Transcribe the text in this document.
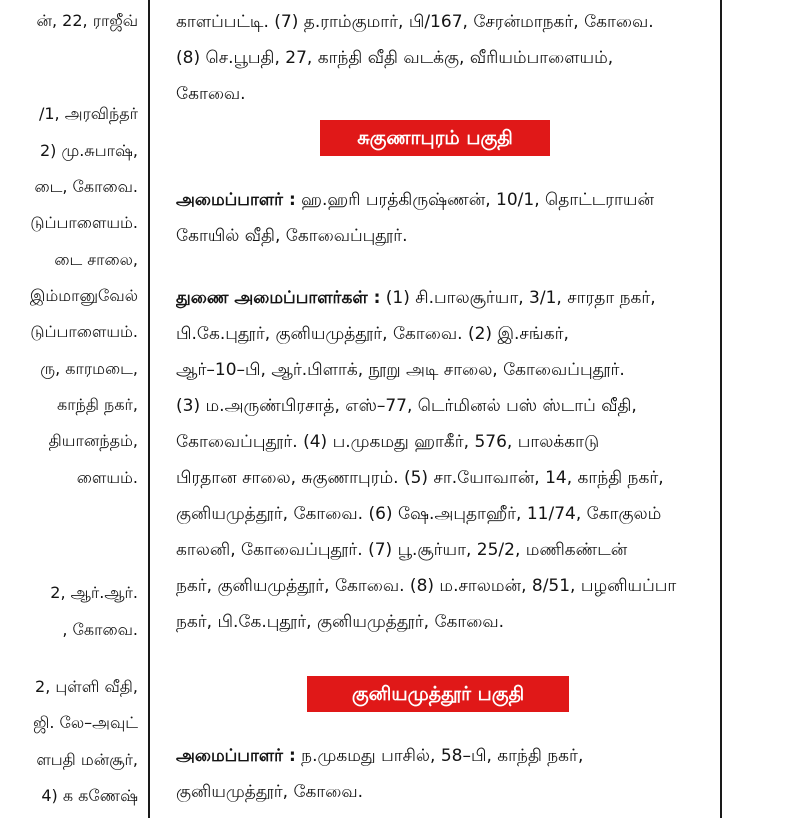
ன், 22, ராஜீவ்
/1, அரவிந்தர்
2) மு.சுபாஷ்,
டை, கோவை.
டுப்பாளையம்.
டை சாலை,
இம்மானுவேல்
டுப்பாளையம்.
ரு, காரமடை,
காந்தி நகர்,
தியானந்தம்,
ளையம்.
2, ஆர்.ஆர்.
, கோவை.
2, புள்ளி வீதி,
ஜி. லே–அவுட்
ளபதி மன்சூர்,
4) க கணேஷ்
காளப்பட்டி. (7) த.ராம்குமார், பி/167, சேரன்மாநகர், கோவை.
(8) செ.பூபதி, 27, காந்தி வீதி வடக்கு, வீரியம்பாளையம்,
கோவை.
சுகுணாபுரம் பகுதி
அமைப்பாளர் : ஹ.ஹரி பரத்கிருஷ்ணன், 10/1, தொட்டராயன்
கோயில் வீதி, கோவைப்புதூர்.
துணை அமைப்பாளர்கள் : (1) சி.பாலசூர்யா, 3/1, சாரதா நகர்,
பி.கே.புதூர், குனியமுத்தூர், கோவை. (2) இ.சங்கர்,
ஆர்–10–பி, ஆர்.பிளாக், நூறு அடி சாலை, கோவைப்புதூர்.
(3) ம.அருண்பிரசாத், எஸ்–77, டெர்மினல் பஸ் ஸ்டாப் வீதி,
கோவைப்புதூர். (4) ப.முகமது ஹாகீர், 576, பாலக்காடு
பிரதான சாலை, சுகுணாபுரம். (5) சா.யோவான், 14, காந்தி நகர்,
குனியமுத்தூர், கோவை. (6) ஷே.அபுதாஹீர், 11/74, கோகுலம்
காலனி, கோவைப்புதூர். (7) பூ.சூர்யா, 25/2, மணிகண்டன்
நகர், குனியமுத்தூர், கோவை. (8) ம.சாலமன், 8/51, பழனியப்பா
நகர், பி.கே.புதூர், குனியமுத்தூர், கோவை.
குனியமுத்தூர் பகுதி
அமைப்பாளர் : ந.முகமது பாசில், 58–பி, காந்தி நகர்,
குனியமுத்தூர், கோவை.
